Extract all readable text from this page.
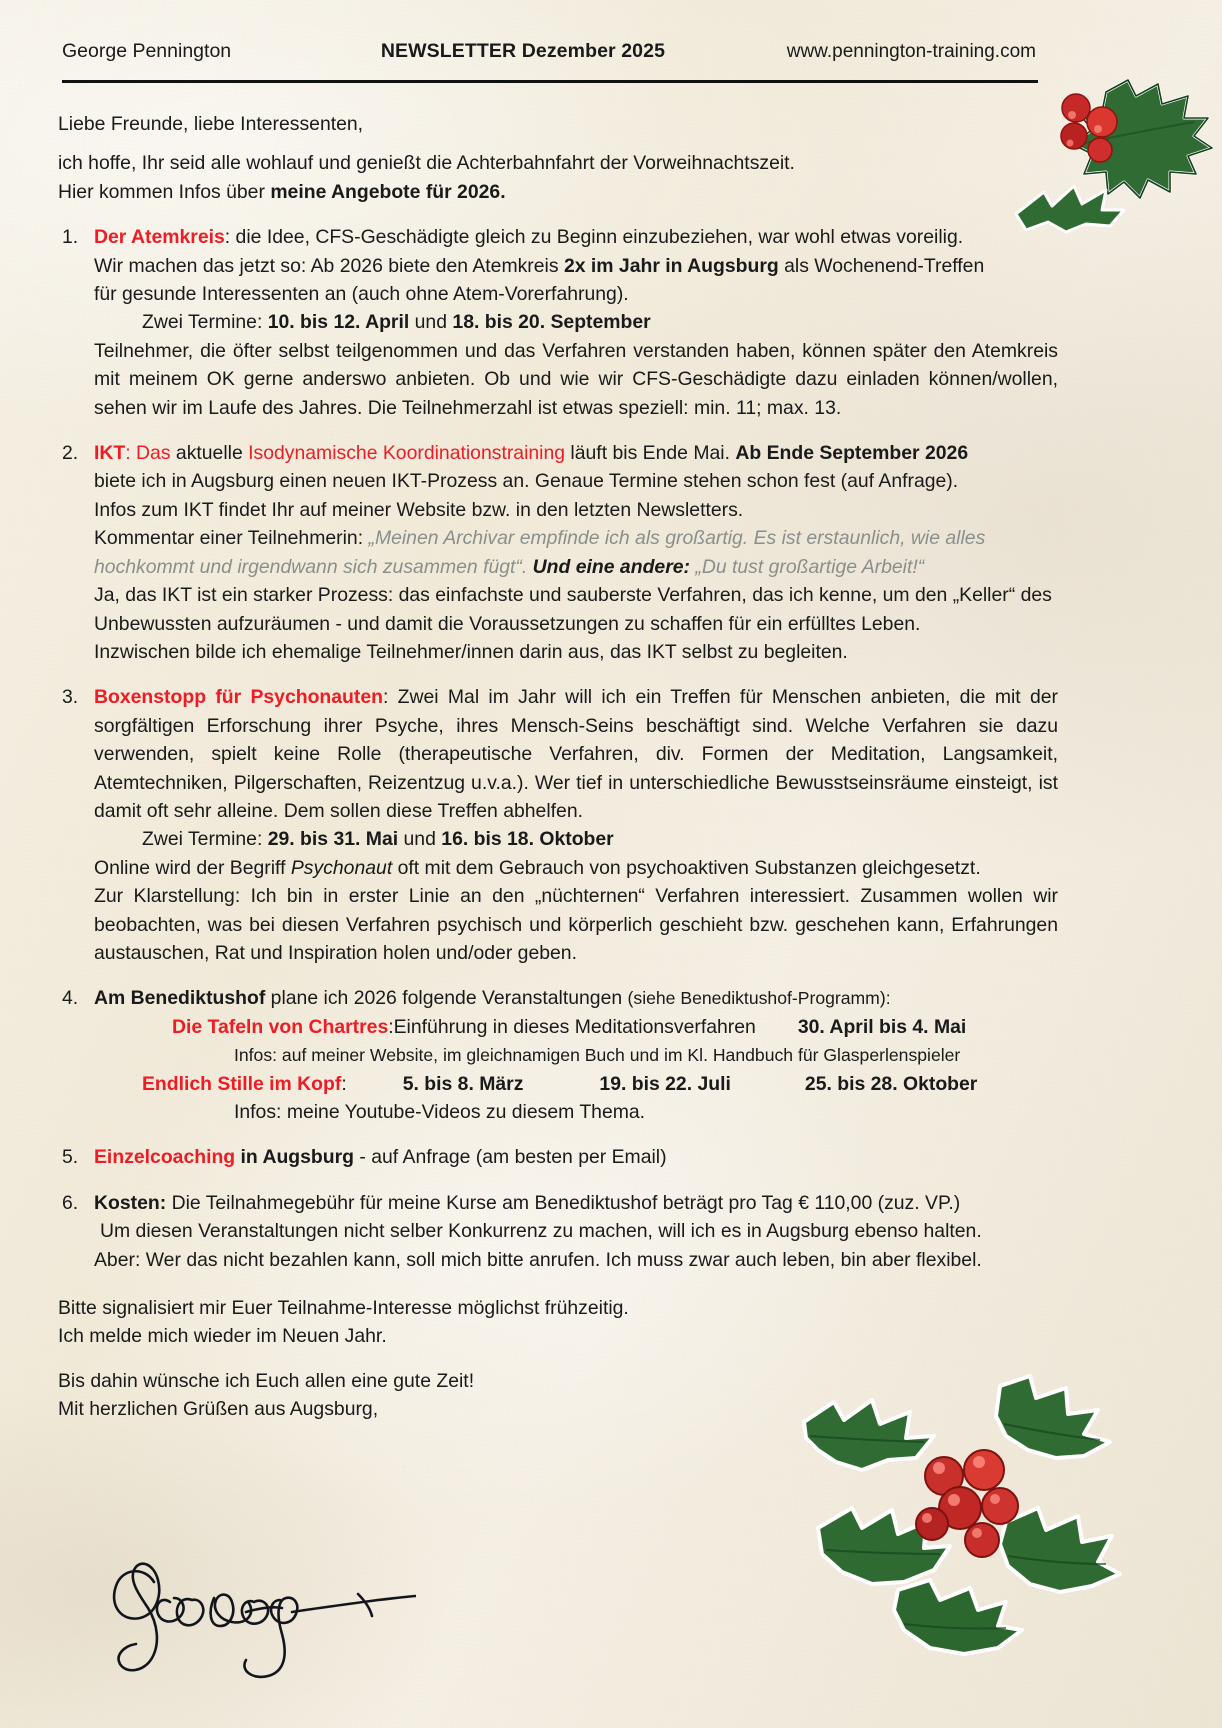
George Pennington	NEWSLETTER Dezember 2025	www.pennington-training.com

Liebe Freunde, liebe Interessenten,

ich hoffe, Ihr seid alle wohlauf und genießt die Achterbahnfahrt der Vorweihnachtszeit.

Hier kommen Infos über meine Angebote für 2026.

1. Der Atemkreis: die Idee, CFS-Geschädigte gleich zu Beginn einzubeziehen, war wohl etwas voreilig.

Wir machen das jetzt so: Ab 2026 biete den Atemkreis 2x im Jahr in Augsburg als Wochenend-Treffen

für gesunde Interessenten an (auch ohne Atem-Vorerfahrung).

Zwei Termine: 10. bis 12. April und 18. bis 20. September

Teilnehmer, die öfter selbst teilgenommen und das Verfahren verstanden haben, können später den Atemkreis mit meinem OK gerne anderswo anbieten. Ob und wie wir CFS-Geschädigte dazu einladen können/wollen, sehen wir im Laufe des Jahres. Die Teilnehmerzahl ist etwas speziell: min. 11; max. 13.

2. IKT: Das aktuelle Isodynamische Koordinationstraining läuft bis Ende Mai. Ab Ende September 2026

biete ich in Augsburg einen neuen IKT-Prozess an. Genaue Termine stehen schon fest (auf Anfrage).

Infos zum IKT findet Ihr auf meiner Website bzw. in den letzten Newsletters.

Kommentar einer Teilnehmerin: „Meinen Archivar empfinde ich als großartig. Es ist erstaunlich, wie alles hochkommt und irgendwann sich zusammen fügt“. Und eine andere: „Du tust großartige Arbeit!“

Ja, das IKT ist ein starker Prozess: das einfachste und sauberste Verfahren, das ich kenne, um den „Keller“ des Unbewussten aufzuräumen - und damit die Voraussetzungen zu schaffen für ein erfülltes Leben.

Inzwischen bilde ich ehemalige Teilnehmer/innen darin aus, das IKT selbst zu begleiten.

3. Boxenstopp für Psychonauten: Zwei Mal im Jahr will ich ein Treffen für Menschen anbieten, die mit der sorgfältigen Erforschung ihrer Psyche, ihres Mensch-Seins beschäftigt sind. Welche Verfahren sie dazu verwenden, spielt keine Rolle (therapeutische Verfahren, div. Formen der Meditation, Langsamkeit, Atemtechniken, Pilgerschaften, Reizentzug u.v.a.). Wer tief in unterschiedliche Bewusstseinsräume einsteigt, ist damit oft sehr alleine. Dem sollen diese Treffen abhelfen.

Zwei Termine: 29. bis 31. Mai und 16. bis 18. Oktober

Online wird der Begriff Psychonaut oft mit dem Gebrauch von psychoaktiven Substanzen gleichgesetzt.

Zur Klarstellung: Ich bin in erster Linie an den „nüchternen“ Verfahren interessiert. Zusammen wollen wir beobachten, was bei diesen Verfahren psychisch und körperlich geschieht bzw. geschehen kann, Erfahrungen austauschen, Rat und Inspiration holen und/oder geben.

4. Am Benediktushof plane ich 2026 folgende Veranstaltungen (siehe Benediktushof-Programm):

Die Tafeln von Chartres : Einführung in dieses Meditationsverfahren 30. April bis 4. Mai

Infos: auf meiner Website, im gleichnamigen Buch und im Kl. Handbuch für Glasperlenspieler

Endlich Stille im Kopf :	5. bis 8. März	19. bis 22. Juli	25. bis 28. Oktober

Infos: meine Youtube-Videos zu diesem Thema.

5. Einzelcoaching in Augsburg - auf Anfrage (am besten per Email)

6. Kosten: Die Teilnahmegebühr für meine Kurse am Benediktushof beträgt pro Tag € 110,00 (zuz. VP.)

Um diesen Veranstaltungen nicht selber Konkurrenz zu machen, will ich es in Augsburg ebenso halten.

Aber: Wer das nicht bezahlen kann, soll mich bitte anrufen. Ich muss zwar auch leben, bin aber flexibel.

Bitte signalisiert mir Euer Teilnahme-Interesse möglichst frühzeitig.

Ich melde mich wieder im Neuen Jahr.

Bis dahin wünsche ich Euch allen eine gute Zeit!

Mit herzlichen Grüßen aus Augsburg,
